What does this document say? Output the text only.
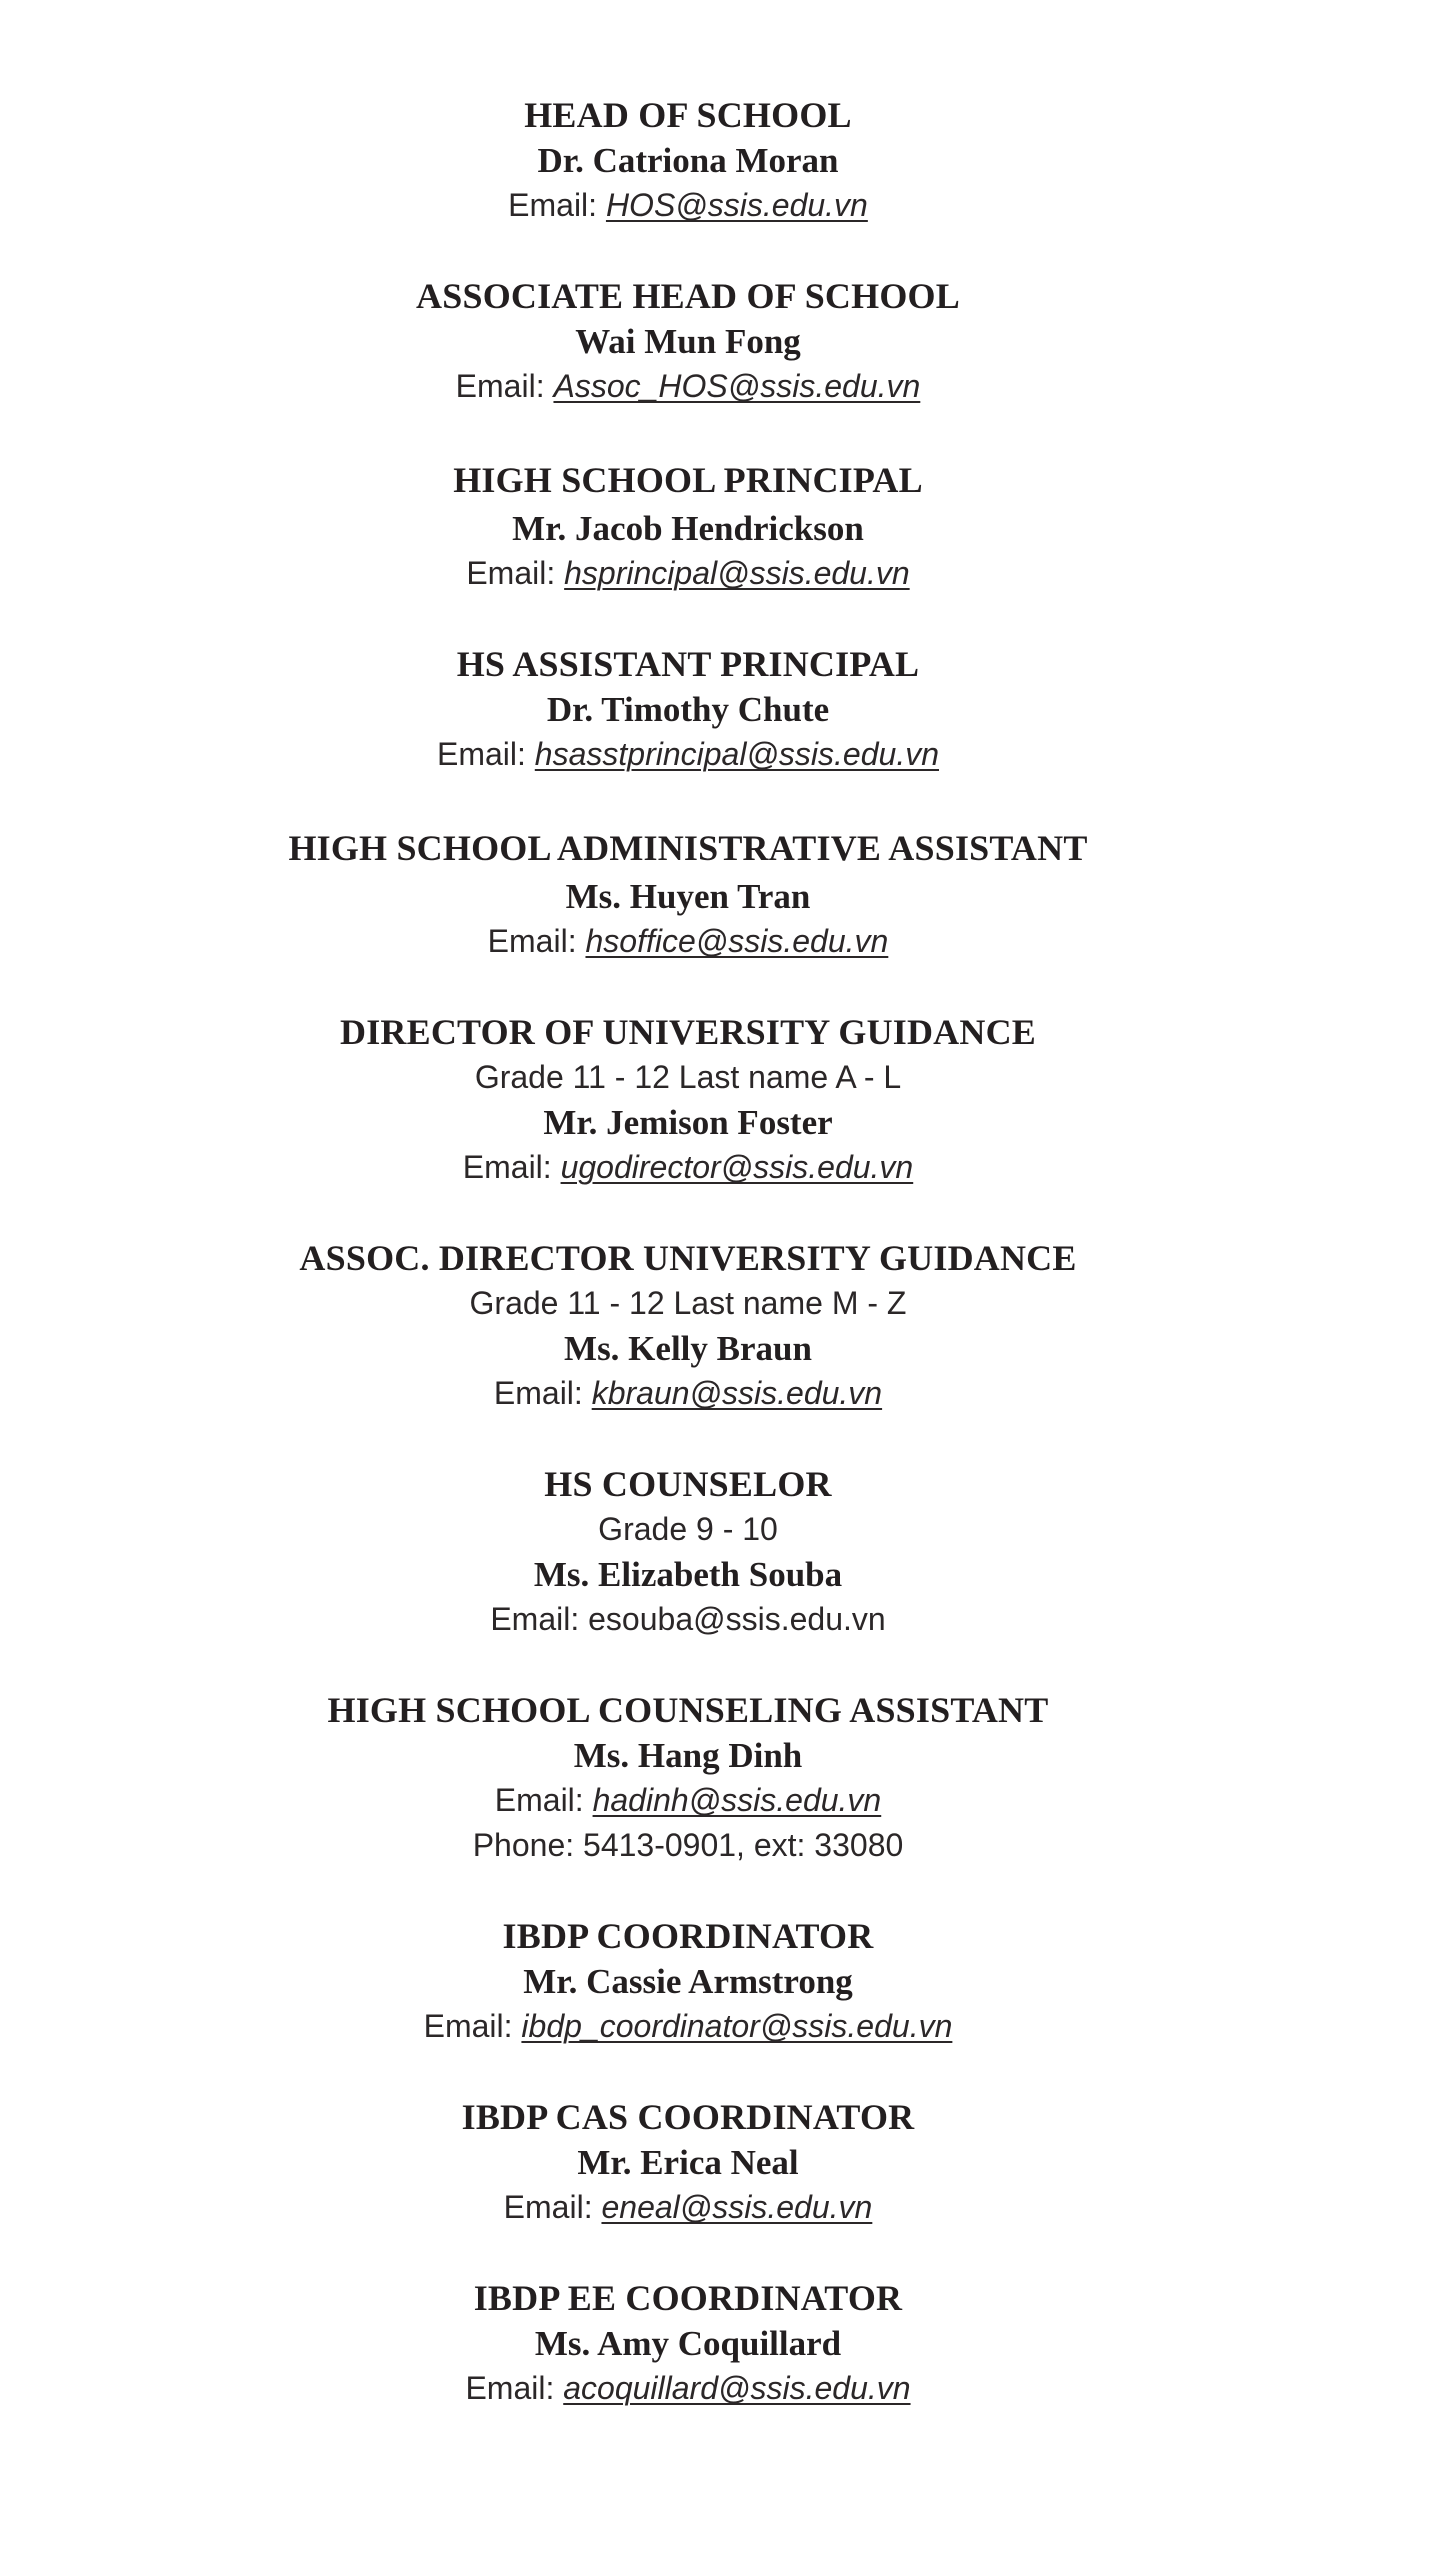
HEAD OF SCHOOL
Dr. Catriona Moran
Email: HOS@ssis.edu.vn
ASSOCIATE HEAD OF SCHOOL
Wai Mun Fong
Email: Assoc_HOS@ssis.edu.vn
HIGH SCHOOL PRINCIPAL
Mr. Jacob Hendrickson
Email: hsprincipal@ssis.edu.vn
HS ASSISTANT PRINCIPAL
Dr. Timothy Chute
Email: hsasstprincipal@ssis.edu.vn
HIGH SCHOOL ADMINISTRATIVE ASSISTANT
Ms. Huyen Tran
Email: hsoffice@ssis.edu.vn
DIRECTOR OF UNIVERSITY GUIDANCE
Grade 11 - 12 Last name A - L
Mr. Jemison Foster
Email: ugodirector@ssis.edu.vn
ASSOC. DIRECTOR UNIVERSITY GUIDANCE
Grade 11 - 12 Last name M - Z
Ms. Kelly Braun
Email: kbraun@ssis.edu.vn
HS COUNSELOR
Grade 9 - 10
Ms. Elizabeth Souba
Email: esouba@ssis.edu.vn
HIGH SCHOOL COUNSELING ASSISTANT
Ms. Hang Dinh
Email: hadinh@ssis.edu.vn
Phone: 5413-0901, ext: 33080
IBDP COORDINATOR
Mr. Cassie Armstrong
Email: ibdp_coordinator@ssis.edu.vn
IBDP CAS COORDINATOR
Mr. Erica Neal
Email: eneal@ssis.edu.vn
IBDP EE COORDINATOR
Ms. Amy Coquillard
Email: acoquillard@ssis.edu.vn
